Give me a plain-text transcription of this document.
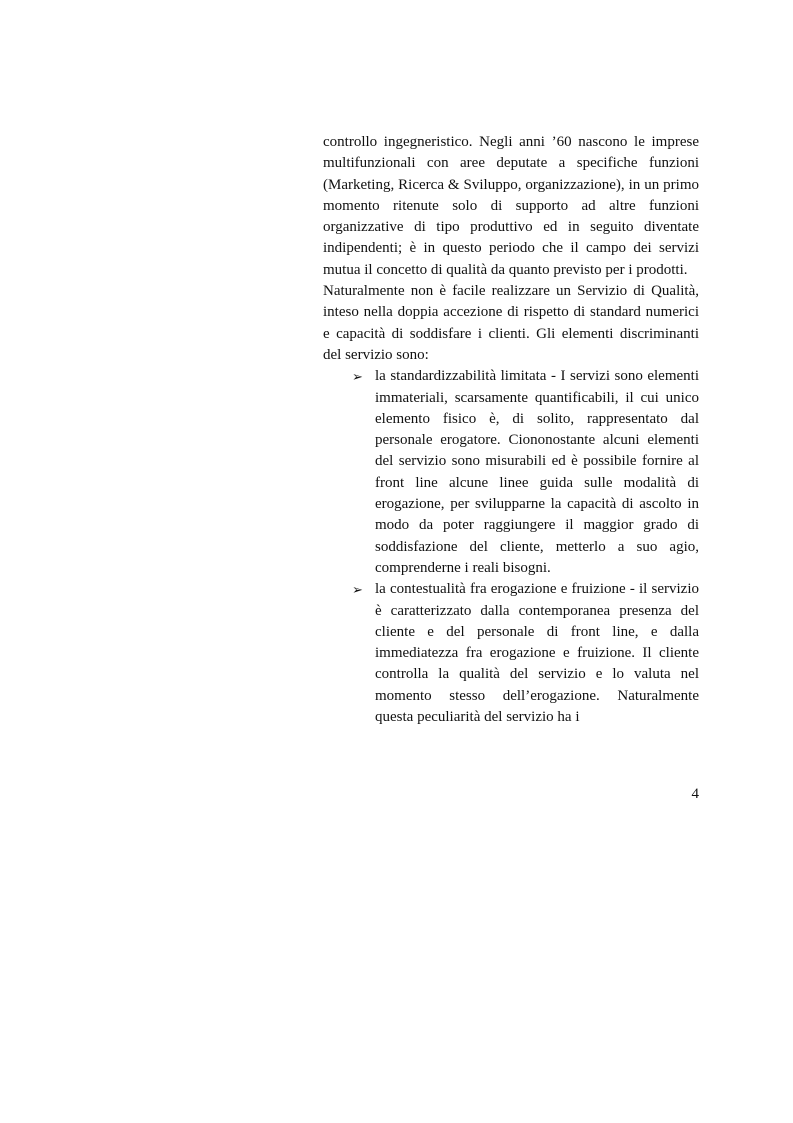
controllo ingegneristico. Negli anni ’60 nascono le imprese multifunzionali con aree deputate a specifiche funzioni (Marketing, Ricerca & Sviluppo, organizzazione), in un primo momento ritenute solo di supporto ad altre funzioni organizzative di tipo produttivo ed in seguito diventate indipendenti; è in questo periodo che il campo dei servizi mutua il concetto di qualità da quanto previsto per i prodotti.

Naturalmente non è facile realizzare un Servizio di Qualità, inteso nella doppia accezione di rispetto di standard numerici e capacità di soddisfare i clienti. Gli elementi discriminanti del servizio sono:

➢ la standardizzabilità limitata - I servizi sono elementi immateriali, scarsamente quantificabili, il cui unico elemento fisico è, di solito, rappresentato dal personale erogatore. Ciononostante alcuni elementi del servizio sono misurabili ed è possibile fornire al front line alcune linee guida sulle modalità di erogazione, per svilupparne la capacità di ascolto in modo da poter raggiungere il maggior grado di soddisfazione del cliente, metterlo a suo agio, comprenderne i reali bisogni.
➢ la contestualità fra erogazione e fruizione - il servizio è caratterizzato dalla contemporanea presenza del cliente e del personale di front line, e dalla immediatezza fra erogazione e fruizione. Il cliente controlla la qualità del servizio e lo valuta nel momento stesso dell’erogazione. Naturalmente questa peculiarità del servizio ha i
4
